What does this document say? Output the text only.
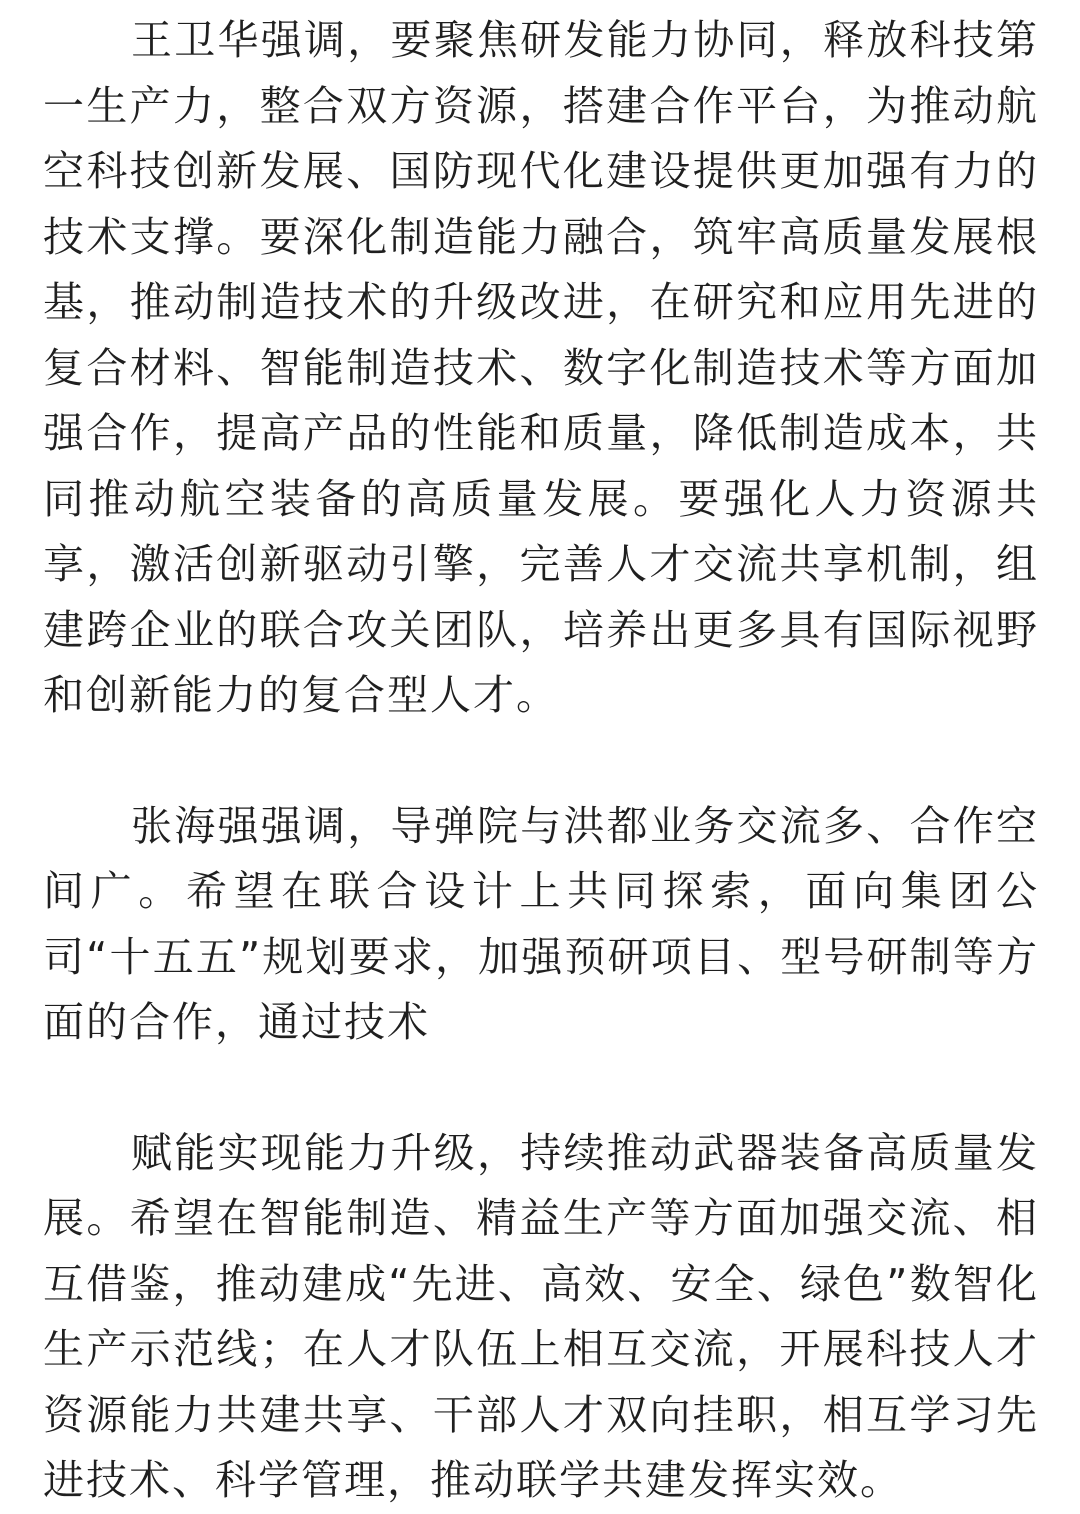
王卫华强调，要聚焦研发能力协同，释放科技第一生产力，整合双方资源，搭建合作平台，为推动航空科技创新发展、国防现代化建设提供更加强有力的技术支撑。要深化制造能力融合，筑牢高质量发展根基，推动制造技术的升级改进，在研究和应用先进的复合材料、智能制造技术、数字化制造技术等方面加强合作，提高产品的性能和质量，降低制造成本，共同推动航空装备的高质量发展。要强化人力资源共享，激活创新驱动引擎，完善人才交流共享机制，组建跨企业的联合攻关团队，培养出更多具有国际视野和创新能力的复合型人才。

张海强强调，导弹院与洪都业务交流多、合作空间广。希望在联合设计上共同探索，面向集团公司“十五五”规划要求，加强预研项目、型号研制等方面的合作，通过技术

赋能实现能力升级，持续推动武器装备高质量发展。希望在智能制造、精益生产等方面加强交流、相互借鉴，推动建成“先进、高效、安全、绿色”数智化生产示范线；在人才队伍上相互交流，开展科技人才资源能力共建共享、干部人才双向挂职，相互学习先进技术、科学管理，推动联学共建发挥实效。
